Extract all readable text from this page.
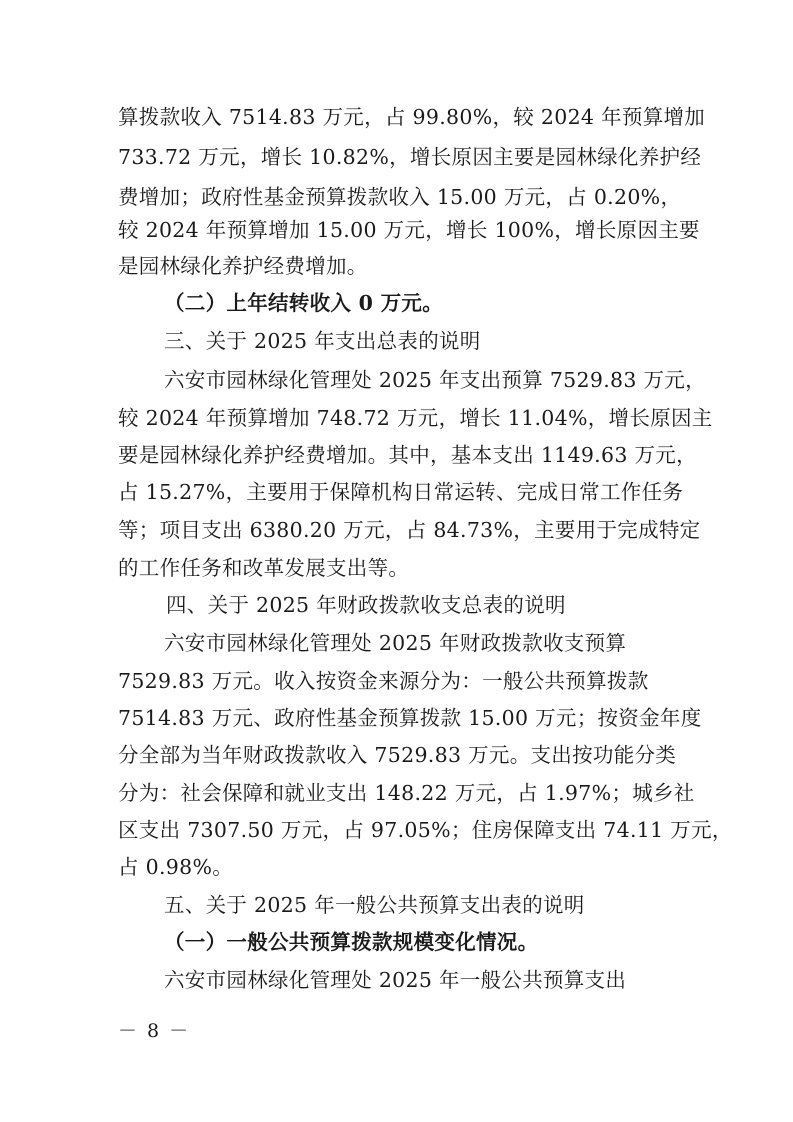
算拨款收入 7514.83 万元，占 99.80%，较 2024 年预算增加
733.72 万元，增长 10.82%，增长原因主要是园林绿化养护经
费增加；政府性基金预算拨款收入 15.00 万元，占 0.20%，
较 2024 年预算增加 15.00 万元，增长 100%，增长原因主要
是园林绿化养护经费增加。
（二）上年结转收入 0 万元。
三、关于 2025 年支出总表的说明
六安市园林绿化管理处 2025 年支出预算 7529.83 万元，
较 2024 年预算增加 748.72 万元，增长 11.04%，增长原因主
要是园林绿化养护经费增加。其中，基本支出 1149.63 万元，
占 15.27%，主要用于保障机构日常运转、完成日常工作任务
等；项目支出 6380.20 万元，占 84.73%，主要用于完成特定
的工作任务和改革发展支出等。
四、关于 2025 年财政拨款收支总表的说明
六安市园林绿化管理处 2025 年财政拨款收支预算
7529.83 万元。收入按资金来源分为：一般公共预算拨款
7514.83 万元、政府性基金预算拨款 15.00 万元；按资金年度
分全部为当年财政拨款收入 7529.83 万元。支出按功能分类
分为：社会保障和就业支出 148.22 万元，占 1.97%；城乡社
区支出 7307.50 万元，占 97.05%；住房保障支出 74.11 万元，
占 0.98%。
五、关于 2025 年一般公共预算支出表的说明
（一）一般公共预算拨款规模变化情况。
六安市园林绿化管理处 2025 年一般公共预算支出
－ 8 －
